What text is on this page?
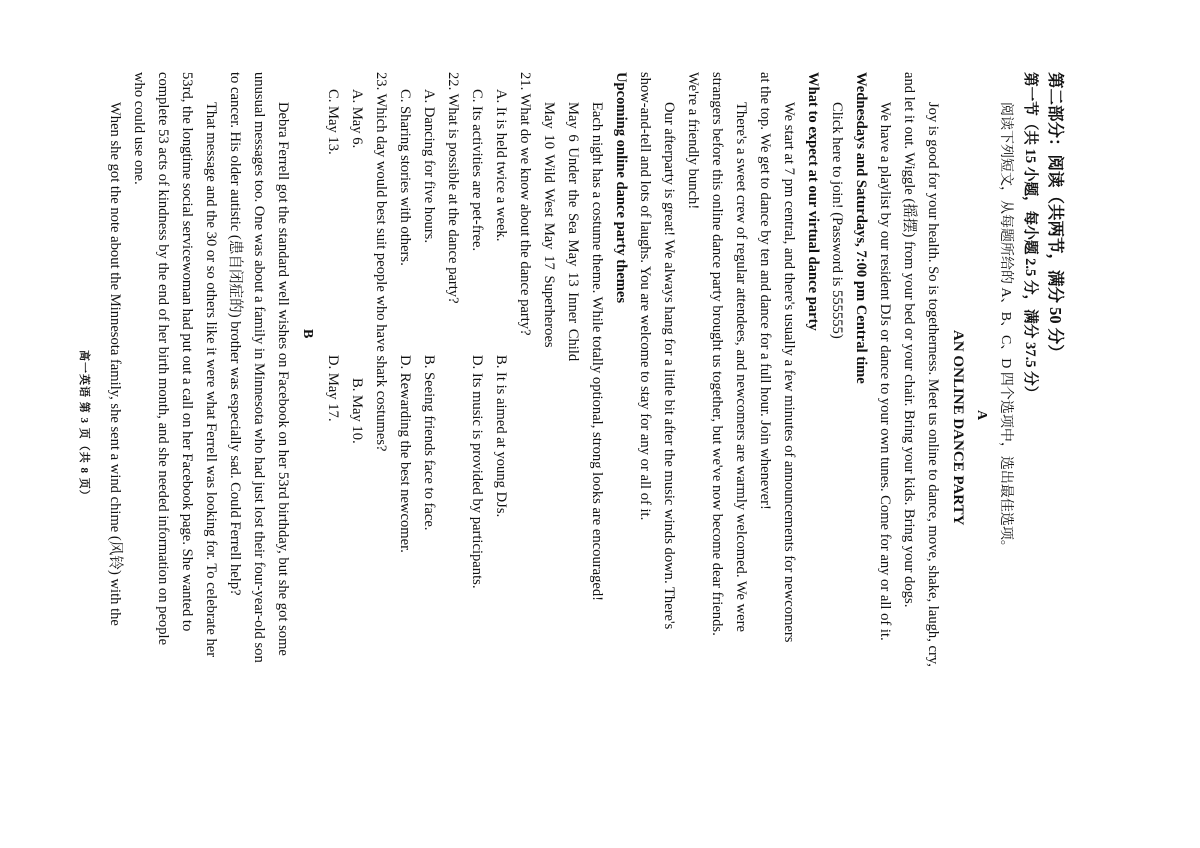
第二部分：阅读（共两节，满分 50 分）
第一节（共 15 小题，每小题 2.5 分，满分 37.5 分）
阅读下列短文，从每题所给的 A、B、C、D 四个选项中，选出最佳选项。
A
AN ONLINE DANCE PARTY
Joy is good for your health. So is togetherness. Meet us online to dance, move, shake, laugh, cry,
and let it out. Wiggle (摇摆) from your bed or your chair. Bring your kids. Bring your dogs.
We have a playlist by our resident DJs or dance to your own tunes. Come for any or all of it.
Wednesdays and Saturdays, 7:00 pm Central time
Click here to join! (Password is 555555)
What to expect at our virtual dance party
We start at 7 pm central, and there's usually a few minutes of announcements for newcomers
at the top. We get to dance by ten and dance for a full hour. Join whenever!
There's a sweet crew of regular attendees, and newcomers are warmly welcomed. We were
strangers before this online dance party brought us together, but we've now become dear friends.
We're a friendly bunch!
Our afterparty is great! We always hang for a little bit after the music winds down. There's
show-and-tell and lots of laughs. You are welcome to stay for any or all of it.
Upcoming online dance party themes
Each night has a costume theme. While totally optional, strong looks are encouraged!
May 6 Under the Sea May 13 Inner Child
May 10 Wild West May 17 Superheroes
21. What do we know about the dance party?
A. It is held twice a week.
B. It is aimed at young DJs.
C. Its activities are pet-free.
D. Its music is provided by participants.
22. What is possible at the dance party?
A. Dancing for five hours.
B. Seeing friends face to face.
C. Sharing stories with others.
D. Rewarding the best newcomer.
23. Which day would best suit people who have shark costumes?
A. May 6.
B. May 10.
C. May 13.
D. May 17.
B
Debra Ferrell got the standard well wishes on Facebook on her 53rd birthday, but she got some
unusual messages too. One was about a family in Minnesota who had just lost their four-year-old son
to cancer. His older autistic (患自闭症的) brother was especially sad. Could Ferrell help?
That message and the 30 or so others like it were what Ferrell was looking for. To celebrate her
53rd, the longtime social servicewoman had put out a call on her Facebook page. She wanted to
complete 53 acts of kindness by the end of her birth month, and she needed information on people
who could use one.
When she got the note about the Minnesota family, she sent a wind chime (风铃) with the
高一英语 第 3 页（共 8 页）
